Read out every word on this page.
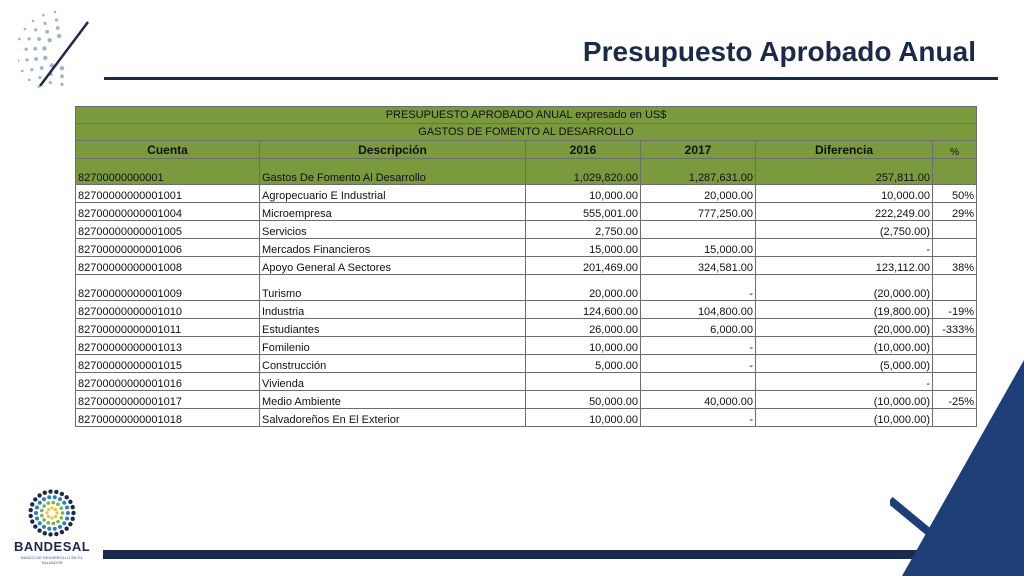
Presupuesto Aprobado Anual
PRESUPUESTO APROBADO ANUAL expresado en US$					
GASTOS DE FOMENTO AL DESARROLLO					
Cuenta	Descripción	2016	2017	Diferencia	%
82700000000001	Gastos De Fomento Al Desarrollo	1,029,820.00	1,287,631.00	257,811.00	
82700000000001001	Agropecuario E Industrial	10,000.00	20,000.00	10,000.00	50%
82700000000001004	Microempresa	555,001.00	777,250.00	222,249.00	29%
82700000000001005	Servicios	2,750.00		(2,750.00)	
82700000000001006	Mercados Financieros	15,000.00	15,000.00	-	
82700000000001008	Apoyo General A Sectores	201,469.00	324,581.00	123,112.00	38%
82700000000001009	Turismo	20,000.00	-	(20,000.00)	
82700000000001010	Industria	124,600.00	104,800.00	(19,800.00)	-19%
82700000000001011	Estudiantes	26,000.00	6,000.00	(20,000.00)	-333%
82700000000001013	Fomilenio	10,000.00	-	(10,000.00)	
82700000000001015	Construcción	5,000.00	-	(5,000.00)	
82700000000001016	Vivienda			-	
82700000000001017	Medio Ambiente	50,000.00	40,000.00	(10,000.00)	-25%
82700000000001018	Salvadoreños En El Exterior	10,000.00	-	(10,000.00)	
BANDESAL
BANCO DE DESARROLLO DE EL SALVADOR
